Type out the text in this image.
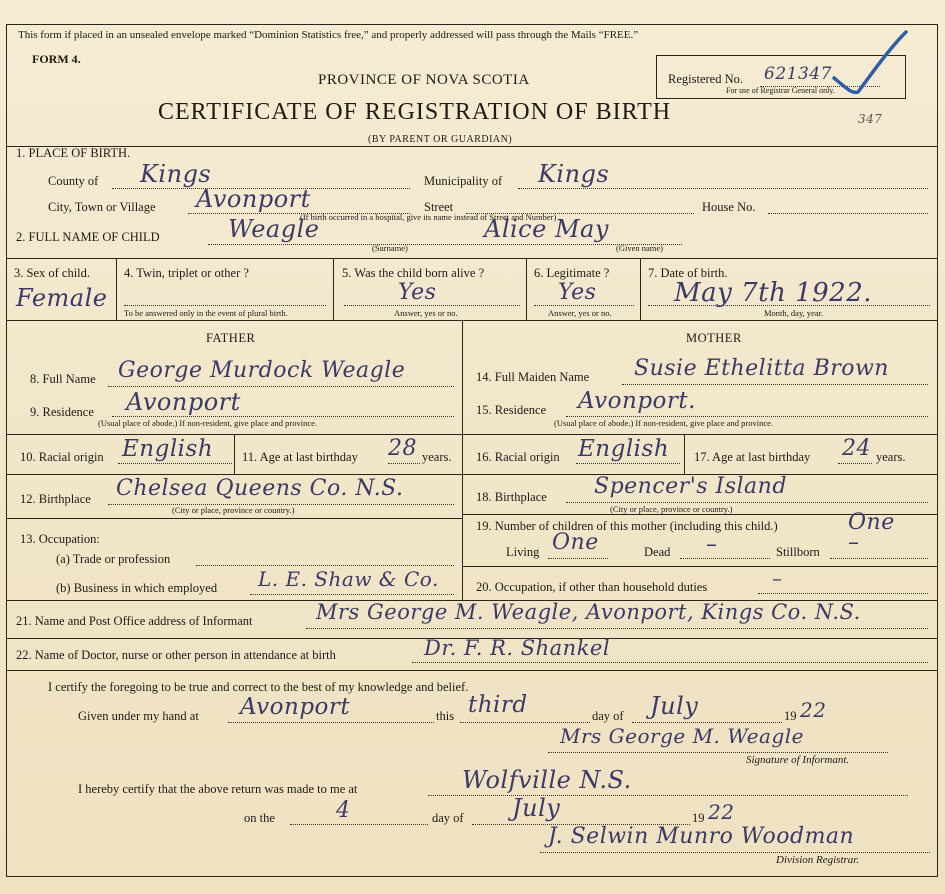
This form if placed in an unsealed envelope marked “Dominion Statistics free,” and properly addressed will pass through the Mails “FREE.”
FORM 4.
PROVINCE OF NOVA SCOTIA
CERTIFICATE OF REGISTRATION OF BIRTH
(BY PARENT OR GUARDIAN)
Registered No. 621347
For use of Registrar General only.
347
1. PLACE OF BIRTH.
County of Kings	Municipality of Kings
City, Town or Village Avonport	Street	House No.
(If birth occurred in a hospital, give its name instead of Street and Number)
2. FULL NAME OF CHILD	Weagle	Alice May
(Surname)	(Given name)
3. Sex of child.
Female
4. Twin, triplet or other ?
To be answered only in the event of plural birth.
5. Was the child born alive ?
Yes
Answer, yes or no.
6. Legitimate ?
Yes
Answer, yes or no.
7. Date of birth.
May 7th 1922.
Month, day, year.
FATHER	MOTHER
8. Full Name George Murdock Weagle
9. Residence Avonport
(Usual place of abode.) If non-resident, give place and province.
10. Racial origin English 11. Age at last birthday 28 years.
12. Birthplace Chelsea Queens Co. N.S.
(City or place, province or country.)
13. Occupation:
(a) Trade or profession
(b) Business in which employed L. E. Shaw & Co.
14. Full Maiden Name Susie Ethelitta Brown
15. Residence Avonport.
(Usual place of abode.) If non-resident, give place and province.
16. Racial origin English 17. Age at last birthday 24 years.
18. Birthplace Spencer's Island
(City or place, province or country.)
19. Number of children of this mother (including this child.)	One
Living One	Dead –	Stillborn –
20. Occupation, if other than household duties	–
21. Name and Post Office address of Informant	Mrs George M. Weagle, Avonport, Kings Co. N.S.
22. Name of Doctor, nurse or other person in attendance at birth	Dr. F. R. Shankel
I certify the foregoing to be true and correct to the best of my knowledge and belief.
Given under my hand at Avonport	this third	day of July	19 22
Mrs George M. Weagle
Signature of Informant.
I hereby certify that the above return was made to me at	Wolfville N.S.
on the	4	day of July	19 22
J. Selwin Munro Woodman
Division Registrar.
